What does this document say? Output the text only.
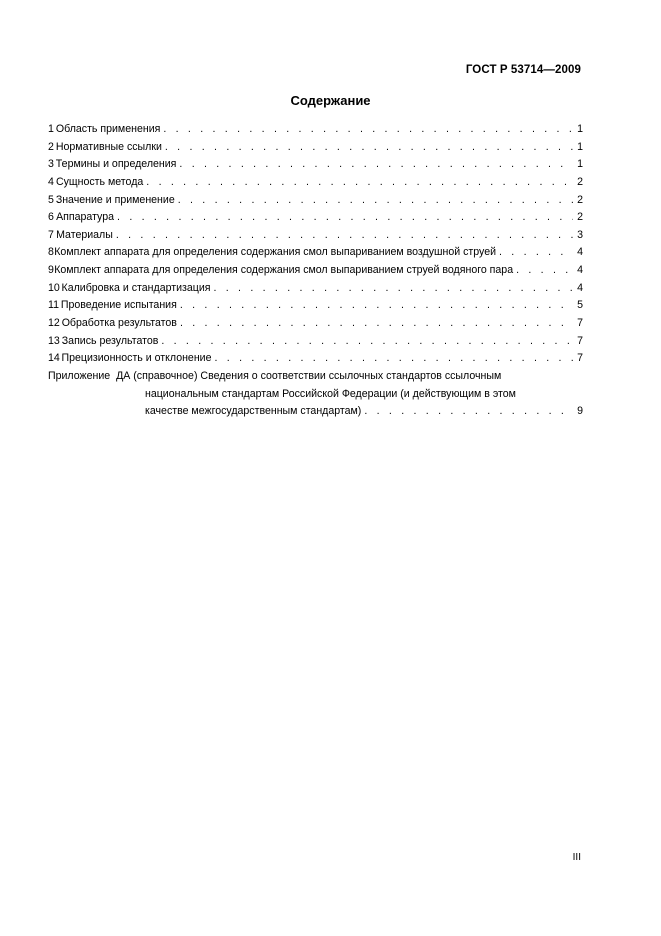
ГОСТ Р 53714—2009
Содержание
1 Область применения . . .	1
2 Нормативные ссылки . . .	1
3 Термины и определения . . .	1
4 Сущность метода . . .	2
5 Значение и применение . . .	2
6 Аппаратура . . .	2
7 Материалы . . .	3
8 Комплект аппарата для определения содержания смол выпариванием воздушной струей . . .	4
9 Комплект аппарата для определения содержания смол выпариванием струей водяного пара . . .	4
10 Калибровка и стандартизация . . .	4
11 Проведение испытания . . .	5
12 Обработка результатов . . .	7
13 Запись результатов . . .	7
14 Прецизионность и отклонение . . .	7
Приложение ДА (справочное) Сведения о соответствии ссылочных стандартов ссылочным
национальным стандартам Российской Федерации (и действующим в этом
качестве межгосударственным стандартам) . . .	9
III
